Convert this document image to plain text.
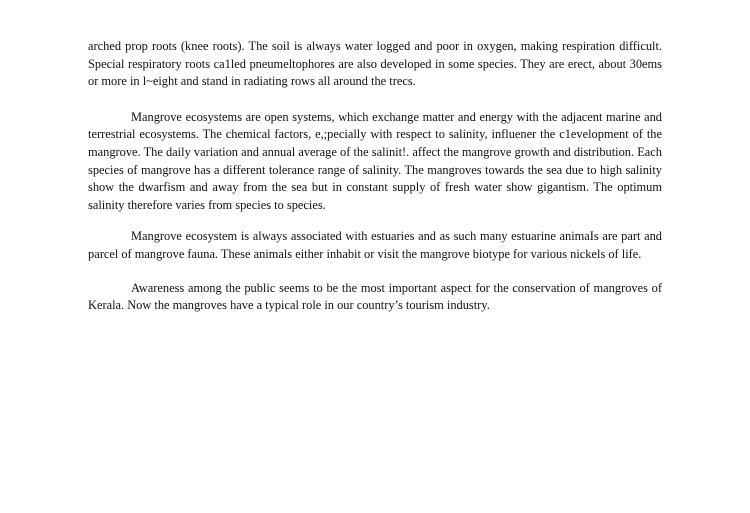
arched prop roots (knee roots). The soil is always water logged and poor in oxygen, making respiration difficult. Special respiratory roots ca1led pneumeltophores are also developed in some species. They are erect, about 30ems or more in l~eight and stand in radiating rows all around the trecs.

Mangrove ecosystems are open systems, which exchange matter and energy with the adjacent marine and terrestrial ecosystems. The chemical factors, e,;pecially with respect to salinity, influener the c1evelopment of the mangrove. The daily variation and annual average of the salinit!. affect the mangrove growth and distribution. Each species of mangrove has a different tolerance range of salinity. The mangroves towards the sea due to high salinity show the dwarfism and away from the sea but in constant supply of fresh water show gigantism. The optimum salinity therefore varies from species to species.

Mangrove ecosystem is always associated with estuaries and as such many estuarine animaIs are part and parcel of mangrove fauna. These animals either inhabit or visit the mangrove biotype for various nickels of life.

Awareness among the public seems to be the most important aspect for the conservation of mangroves of Kerala. Now the mangroves have a typical role in our country’s tourism industry.
